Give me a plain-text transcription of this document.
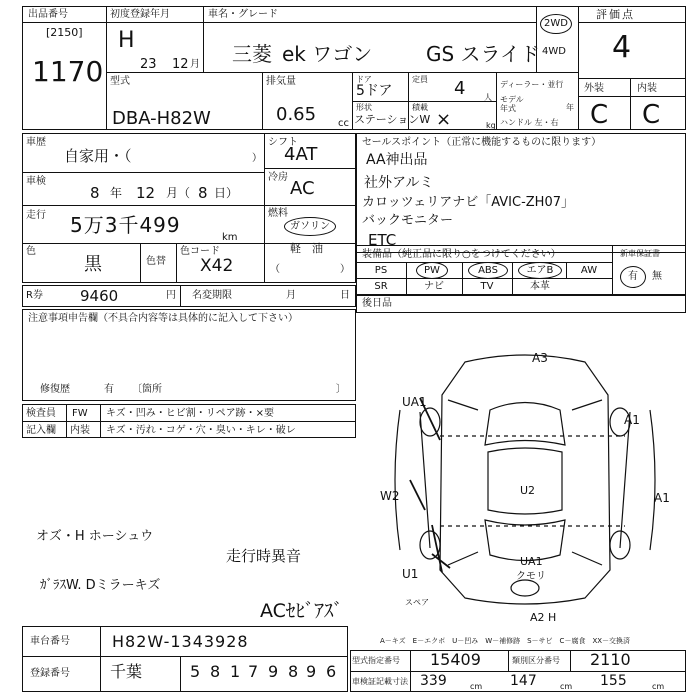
出品番号
[2150]
1170
初度登録年月
H
23 12 月
車名・グレード
三菱 ek ワゴン	GS スライド
2WD
4WD
評価点
4
外装	内装
C C
型式
DBA-H82W
排気量
0.65 cc
ドア
5ドア
定員 4 人
形状
ステーションW
積載
×	kg
ディーラー・並行
モデル
年式	年
ハンドル 左・右
車歴
自家用・（	）
車検
8 年 12 月（ 8 日）
走行 5万3千499
km
色
黒	色替
色コード
X42
シフト
4AT
冷房
AC
燃料
ガソリン
軽　油
（	）
R券 9460	円 名変期限	月	日
注意事項申告欄（不具合内容等は具体的に記入して下さい）
修復歴	有 〔箇所	〕
セールスポイント（正常に機能するものに限ります）
AA神出品
社外アルミ
カロッツェリアナビ「AVIC-ZH07」
バックモニター
ETC
装備品（純正品に限り○をつけてください）	新車保証書
有	無
PS	PW	ABS	エアB	AW
SR	ナビ	TV	本革
後日品
検査員 FW キズ・凹み・ヒビ割・リペア跡・×要
記入欄 内装 キズ・汚れ・コゲ・穴・臭い・キレ・破レ
オズ・H ホーシュウ
走行時異音
ｶﾞﾗｽW. Dミラーキズ
ACｾﾋﾞｱｽﾞ
A3
UA1
W2	U2
A1
A1
UA1
クモリ
U1
A2 H
スペア
A－キズ　E－エクボ　U－凹み　W－補修跡　S－サビ　C－腐食　XX－交換済
車台番号	H82W-1343928
登録番号	千葉	5 8 1 7 9 8 9 6
型式指定番号 15409	類別区分番号 2110
車検証記載寸法 339	cm 147	cm 155	cm
